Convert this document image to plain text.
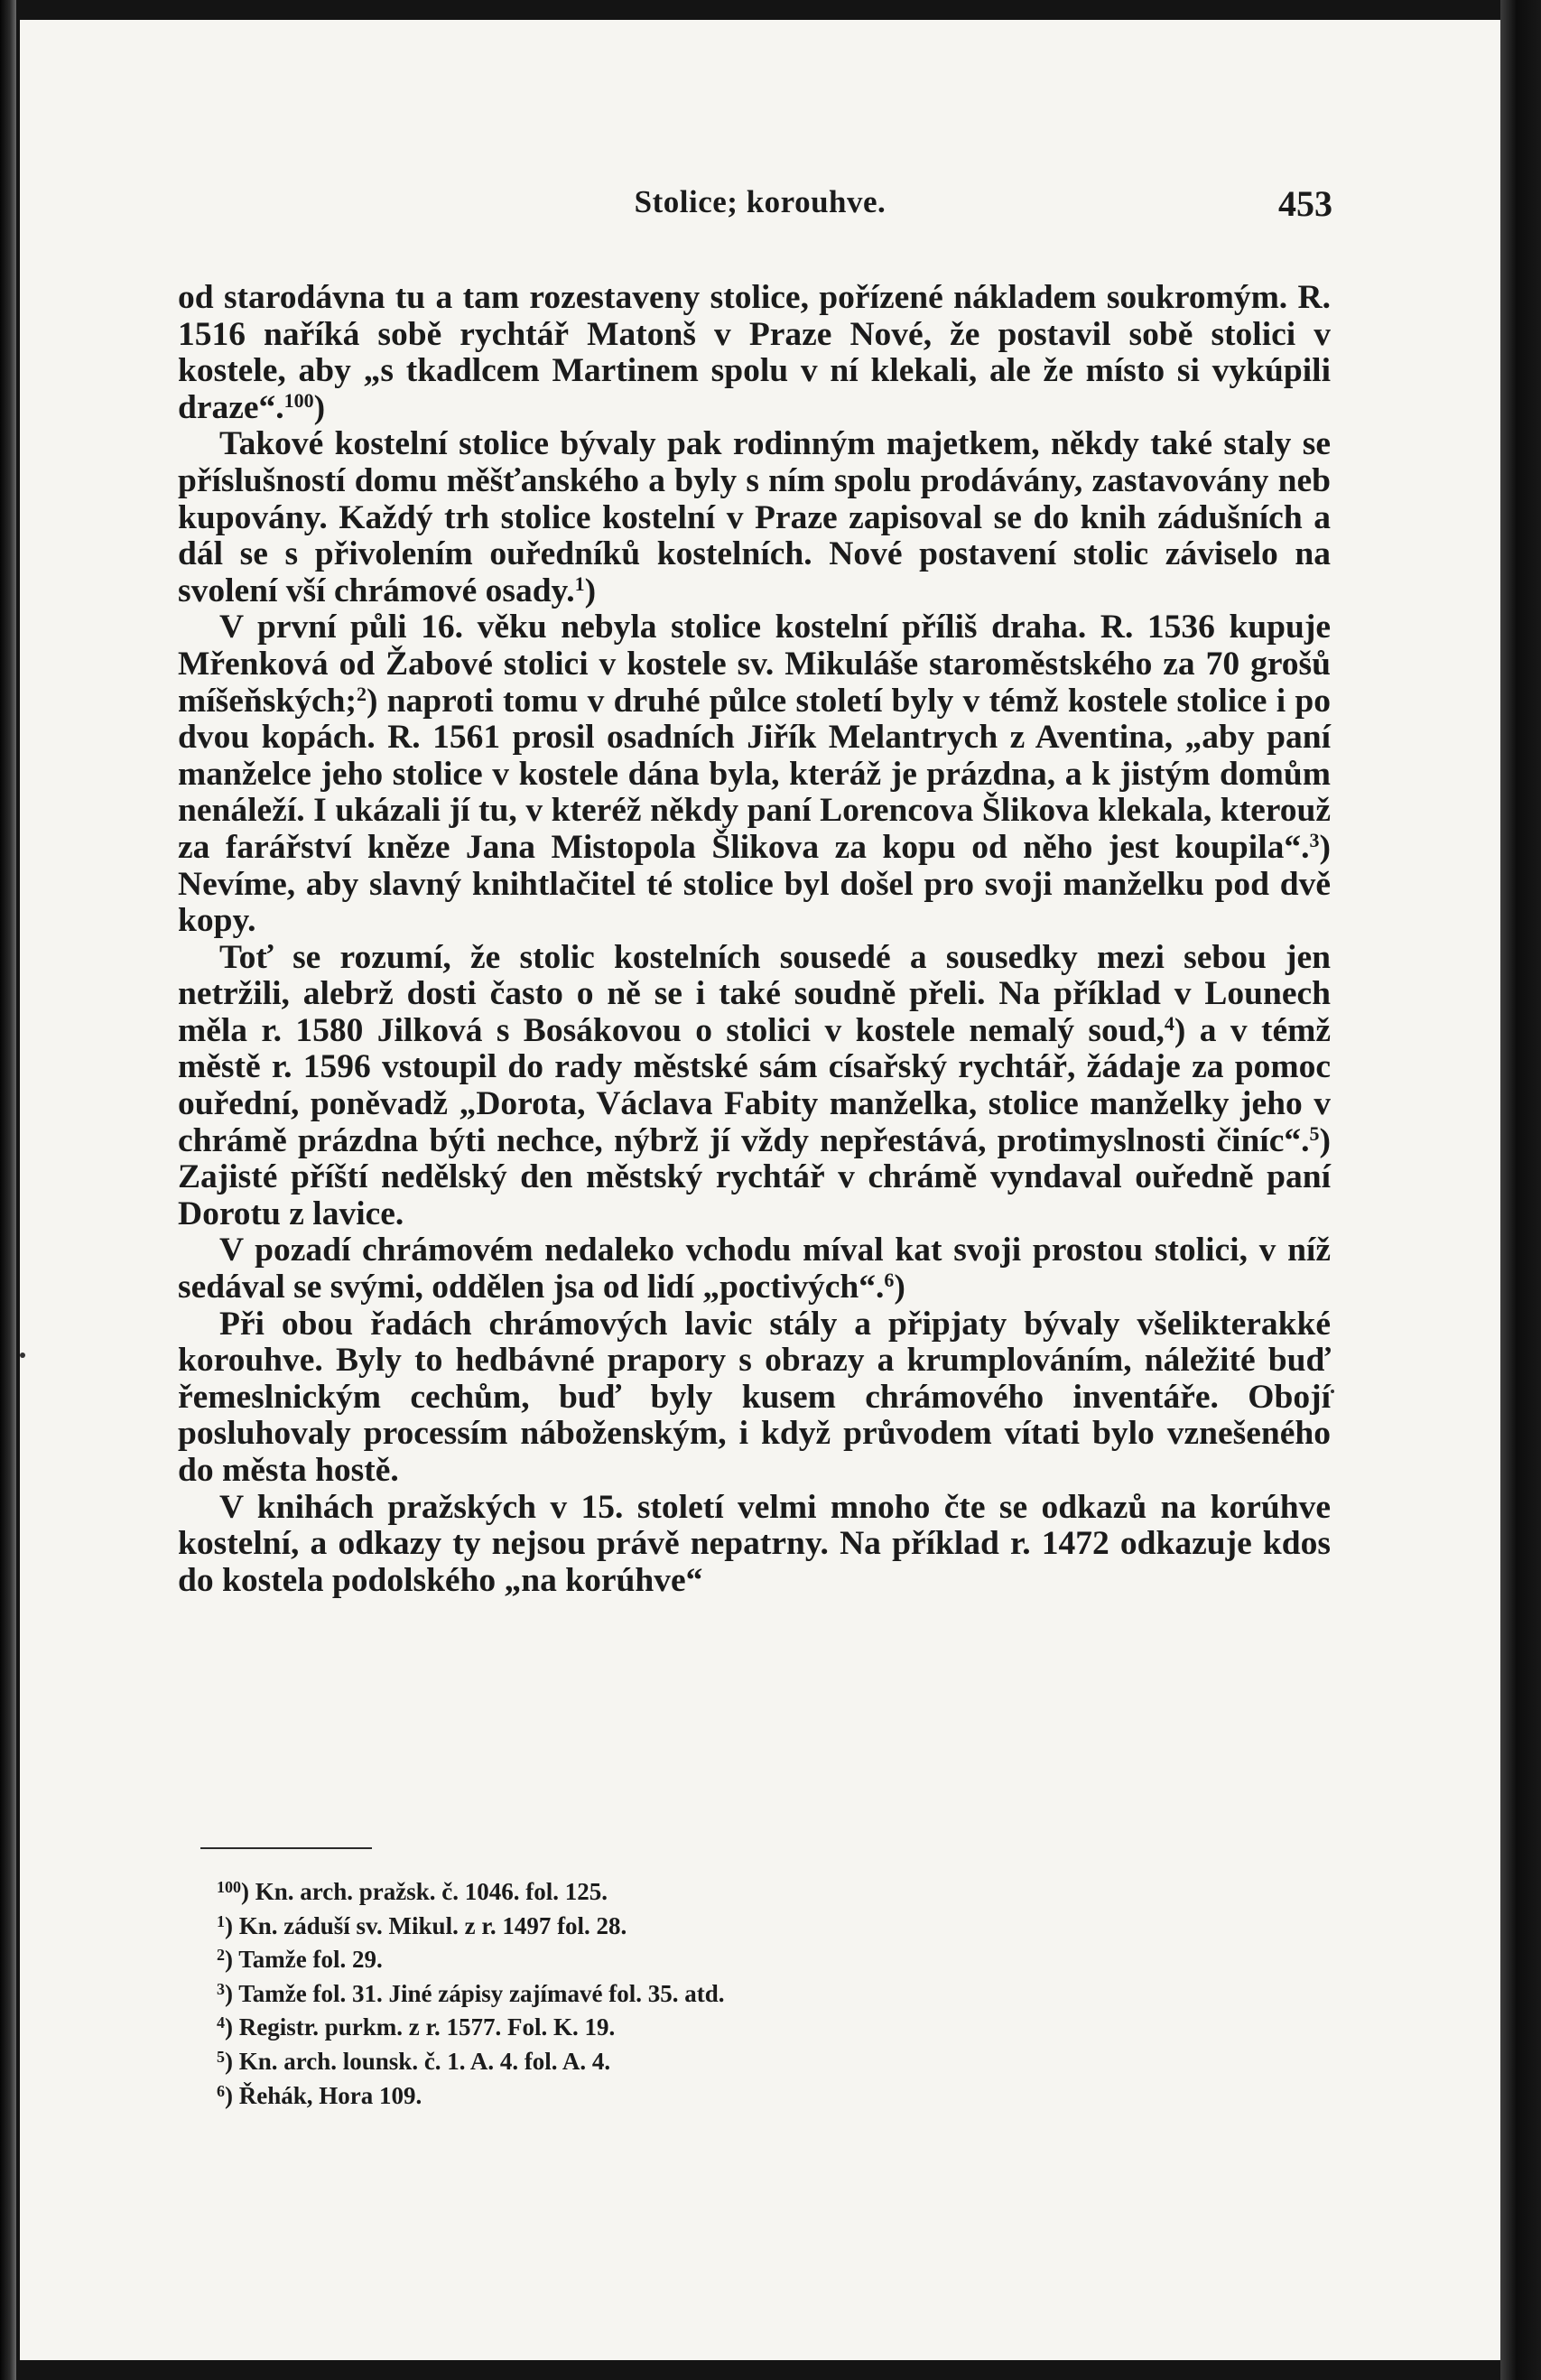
Stolice; korouhve.	453

od starodávna tu a tam rozestaveny stolice, pořízené nákladem soukromým. R. 1516 naříká sobě rychtář Matonš v Praze Nové, že postavil sobě stolici v kostele, aby „s tkadlcem Martinem spolu v ní klekali, ale že místo si vykúpili draze“.$^{100}$)

Takové kostelní stolice bývaly pak rodinným majetkem, někdy také staly se příslušností domu měšťanského a byly s ním spolu prodávány, zastavovány neb kupovány. Každý trh stolice kostelní v Praze zapisoval se do knih zádušních a dál se s přivolením ouředníků kostelních. Nové postavení stolic záviselo na svolení vší chrámové osady.$^1$)

V první půli 16. věku nebyla stolice kostelní příliš draha. R. 1536 kupuje Mřenková od Žabové stolici v kostele sv. Mikuláše staroměstského za 70 grošů míšeňských;$^2$) naproti tomu v druhé půlce století byly v témž kostele stolice i po dvou kopách. R. 1561 prosil osadních Jiřík Melantrych z Aventina, „aby paní manželce jeho stolice v kostele dána byla, kteráž je prázdna, a k jistým domům nenáleží. I ukázali jí tu, v kteréž někdy paní Lorencova Šlikova klekala, kterouž za farářství kněze Jana Mistopola Šlikova za kopu od něho jest koupila“.$^3$) Nevíme, aby slavný knihtlačitel té stolice byl došel pro svoji manželku pod dvě kopy.

Toť se rozumí, že stolic kostelních sousedé a sousedky mezi sebou jen netržili, alebrž dosti často o ně se i také soudně přeli. Na příklad v Lounech měla r. 1580 Jilková s Bosákovou o stolici v kostele nemalý soud,$^4$) a v témž městě r. 1596 vstoupil do rady městské sám císařský rychtář, žádaje za pomoc ouřední, poněvadž „Dorota, Václava Fabity manželka, stolice manželky jeho v chrámě prázdna býti nechce, nýbrž jí vždy nepřestává, protimyslnosti činíc“.$^5$) Zajisté příští nedělský den městský rychtář v chrámě vyndaval ouředně paní Dorotu z lavice.

V pozadí chrámovém nedaleko vchodu míval kat svoji prostou stolici, v níž sedával se svými, oddělen jsa od lidí „poctivých“.$^6$)

Při obou řadách chrámových lavic stály a připjaty bývaly všelikterakké korouhve. Byly to hedbávné prapory s obrazy a krumplováním, náležité buď řemeslnickým cechům, buď byly kusem chrámového inventáře. Obojí posluhovaly processím náboženským, i když průvodem vítati bylo vznešeného do města hostě.

V knihách pražských v 15. století velmi mnoho čte se odkazů na korúhve kostelní, a odkazy ty nejsou právě nepatrny. Na příklad r. 1472 odkazuje kdos do kostela podolského „na korúhve“

$^{100}$) Kn. arch. pražsk. č. 1046. fol. 125.
$^1$) Kn. záduší sv. Mikul. z r. 1497 fol. 28.
$^2$) Tamže fol. 29.
$^3$) Tamže fol. 31. Jiné zápisy zajímavé fol. 35. atd.
$^4$) Registr. purkm. z r. 1577. Fol. K. 19.
$^5$) Kn. arch. lounsk. č. 1. A. 4. fol. A. 4.
$^6$) Řehák, Hora 109.
